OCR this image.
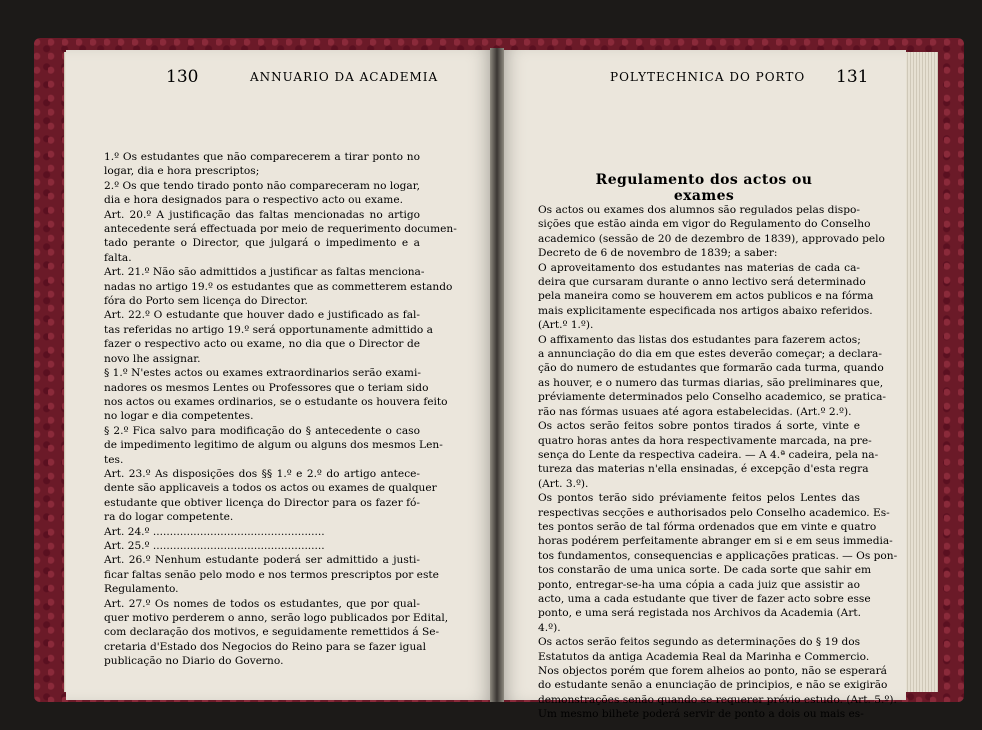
130	ANNUARIO DA ACADEMIA	POLYTECHNICA DO PORTO 131
Regulamento dos actos ou exames

1.º Os estudantes que não comparecerem a tirar ponto no

logar, dia e hora prescriptos;

2.º Os que tendo tirado ponto não compareceram no logar,

dia e hora designados para o respectivo acto ou exame.

Art. 20.º A justificação das faltas mencionadas no artigo

antecedente será effectuada por meio de requerimento documen-

tado perante o Director, que julgará o impedimento e a

falta.

Art. 21.º Não são admittidos a justificar as faltas menciona-

nadas no artigo 19.º os estudantes que as commetterem estando

fóra do Porto sem licença do Director.

Art. 22.º O estudante que houver dado e justificado as fal-

tas referidas no artigo 19.º será opportunamente admittido a

fazer o respectivo acto ou exame, no dia que o Director de

novo lhe assignar.

§ 1.º N'estes actos ou exames extraordinarios serão exami-

nadores os mesmos Lentes ou Professores que o teriam sido

nos actos ou exames ordinarios, se o estudante os houvera feito

no logar e dia competentes.

§ 2.º Fica salvo para modificação do § antecedente o caso

de impedimento legitimo de algum ou alguns dos mesmos Len-

tes.

Art. 23.º As disposições dos §§ 1.º e 2.º do artigo antece-

dente são applicaveis a todos os actos ou exames de qualquer

estudante que obtiver licença do Director para os fazer fó-

ra do logar competente.

Art. 24.º ...................................................

Art. 25.º ...................................................

Art. 26.º Nenhum estudante poderá ser admittido a justi-

ficar faltas senão pelo modo e nos termos prescriptos por este

Regulamento.

Art. 27.º Os nomes de todos os estudantes, que por qual-

quer motivo perderem o anno, serão logo publicados por Edital,

com declaração dos motivos, e seguidamente remettidos á Se-

cretaria d'Estado dos Negocios do Reino para se fazer igual

publicação no Diario do Governo.

Os actos ou exames dos alumnos são regulados pelas dispo-

sições que estão ainda em vigor do Regulamento do Conselho

academico (sessão de 20 de dezembro de 1839), approvado pelo

Decreto de 6 de novembro de 1839; a saber:

O aproveitamento dos estudantes nas materias de cada ca-

deira que cursaram durante o anno lectivo será determinado

pela maneira como se houverem em actos publicos e na fórma

mais explicitamente especificada nos artigos abaixo referidos.

(Art.º 1.º).

O affixamento das listas dos estudantes para fazerem actos;

a annunciação do dia em que estes deverão começar; a declara-

ção do numero de estudantes que formarão cada turma, quando

as houver, e o numero das turmas diarias, são preliminares que,

préviamente determinados pelo Conselho academico, se pratica-

rão nas fórmas usuaes até agora estabelecidas. (Art.º 2.º).

Os actos serão feitos sobre pontos tirados á sorte, vinte e

quatro horas antes da hora respectivamente marcada, na pre-

sença do Lente da respectiva cadeira. — A 4.ª cadeira, pela na-

tureza das materias n'ella ensinadas, é excepção d'esta regra

(Art. 3.º).

Os pontos terão sido préviamente feitos pelos Lentes das

respectivas secções e authorisados pelo Conselho academico. Es-

tes pontos serão de tal fórma ordenados que em vinte e quatro

horas podérem perfeitamente abranger em si e em seus immedia-

tos fundamentos, consequencias e applicações praticas. — Os pon-

tos constarão de uma unica sorte. De cada sorte que sahir em

ponto, entregar-se-ha uma cópia a cada juiz que assistir ao

acto, uma a cada estudante que tiver de fazer acto sobre esse

ponto, e uma será registada nos Archivos da Academia (Art.

4.º).

Os actos serão feitos segundo as determinações do § 19 dos

Estatutos da antiga Academia Real da Marinha e Commercio.

Nos objectos porém que forem alheios ao ponto, não se esperará

do estudante senão a enunciação de principios, e não se exigirão

demonstrações senão quando se requerer prévio estudo. (Art. 5.º).

Um mesmo bilhete poderá servir de ponto a dois ou mais es-
